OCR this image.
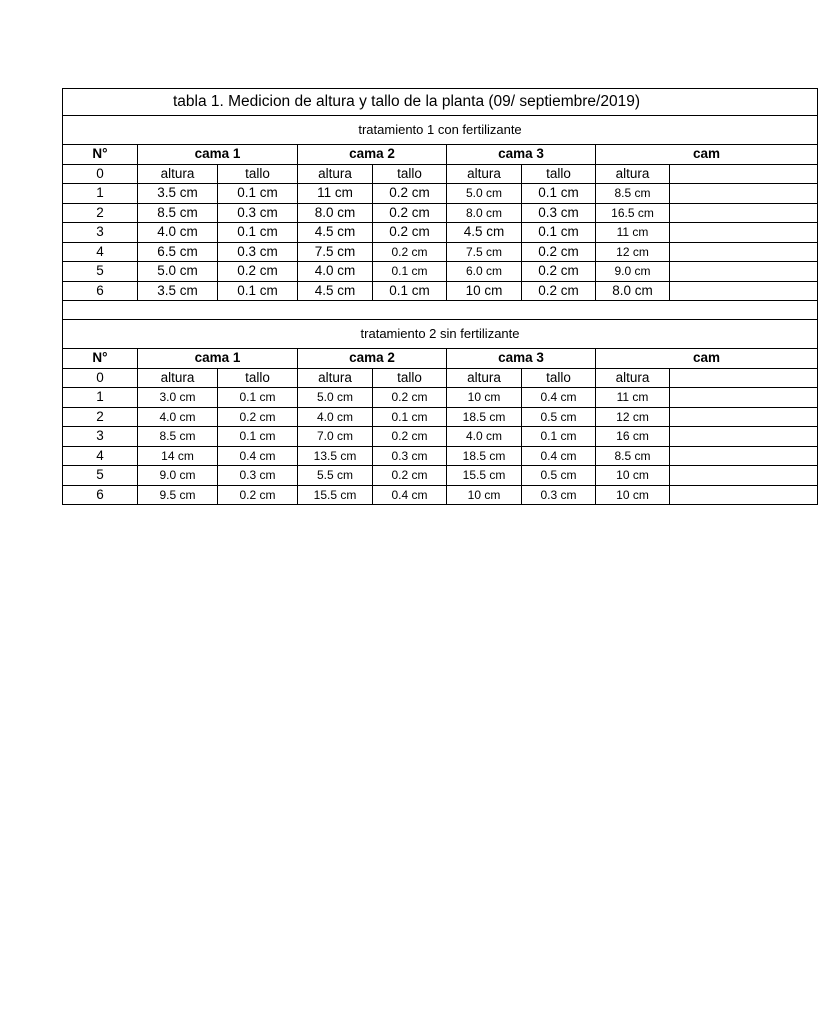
tabla 1. Medicion de altura y tallo de la planta (09/ septiembre/2019)								
tratamiento 1 con fertilizante								
N°	cama 1		cama 2		cama 3		cam	
0	altura	tallo	altura	tallo	altura	tallo	altura	
1	3.5 cm	0.1 cm	11 cm	0.2 cm	5.0 cm	0.1 cm	8.5 cm	
2	8.5 cm	0.3 cm	8.0 cm	0.2 cm	8.0 cm	0.3 cm	16.5 cm	
3	4.0 cm	0.1 cm	4.5 cm	0.2 cm	4.5 cm	0.1 cm	11 cm	
4	6.5 cm	0.3 cm	7.5 cm	0.2 cm	7.5 cm	0.2 cm	12 cm	
5	5.0 cm	0.2 cm	4.0 cm	0.1 cm	6.0 cm	0.2 cm	9.0 cm	
6	3.5 cm	0.1 cm	4.5 cm	0.1 cm	10 cm	0.2 cm	8.0 cm	

tratamiento 2 sin fertilizante								
N°	cama 1		cama 2		cama 3		cam	
0	altura	tallo	altura	tallo	altura	tallo	altura	
1	3.0 cm	0.1 cm	5.0 cm	0.2 cm	10 cm	0.4 cm	11 cm	
2	4.0 cm	0.2 cm	4.0 cm	0.1 cm	18.5 cm	0.5 cm	12 cm	
3	8.5 cm	0.1 cm	7.0 cm	0.2 cm	4.0 cm	0.1 cm	16 cm	
4	14 cm	0.4 cm	13.5 cm	0.3 cm	18.5 cm	0.4 cm	8.5 cm	
5	9.0 cm	0.3 cm	5.5 cm	0.2 cm	15.5 cm	0.5 cm	10 cm	
6	9.5 cm	0.2 cm	15.5 cm	0.4 cm	10 cm	0.3 cm	10 cm	
